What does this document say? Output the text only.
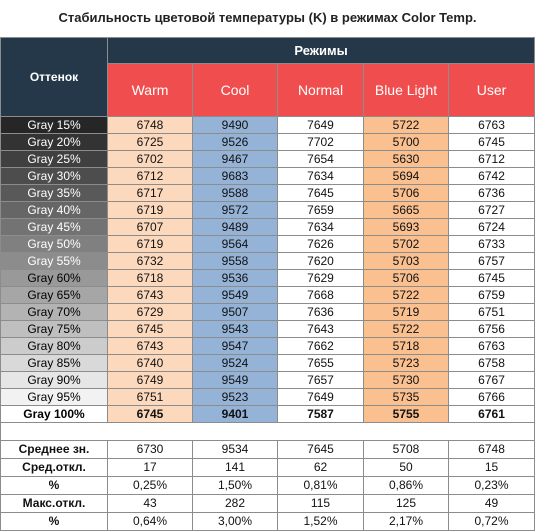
Стабильность цветовой температуры (K) в режимах Color Temp.
Оттенок	Режимы				
	Warm	Cool	Normal	Blue Light	User
Gray 15%	6748	9490	7649	5722	6763
Gray 20%	6725	9526	7702	5700	6745
Gray 25%	6702	9467	7654	5630	6712
Gray 30%	6712	9683	7634	5694	6742
Gray 35%	6717	9588	7645	5706	6736
Gray 40%	6719	9572	7659	5665	6727
Gray 45%	6707	9489	7634	5693	6724
Gray 50%	6719	9564	7626	5702	6733
Gray 55%	6732	9558	7620	5703	6757
Gray 60%	6718	9536	7629	5706	6745
Gray 65%	6743	9549	7668	5722	6759
Gray 70%	6729	9507	7636	5719	6751
Gray 75%	6745	9543	7643	5722	6756
Gray 80%	6743	9547	7662	5718	6763
Gray 85%	6740	9524	7655	5723	6758
Gray 90%	6749	9549	7657	5730	6767
Gray 95%	6751	9523	7649	5735	6766
Gray 100%	6745	9401	7587	5755	6761

Среднее зн.	6730	9534	7645	5708	6748
Сред.откл.	17	141	62	50	15
%	0,25%	1,50%	0,81%	0,86%	0,23%
Макс.откл.	43	282	115	125	49
%	0,64%	3,00%	1,52%	2,17%	0,72%
